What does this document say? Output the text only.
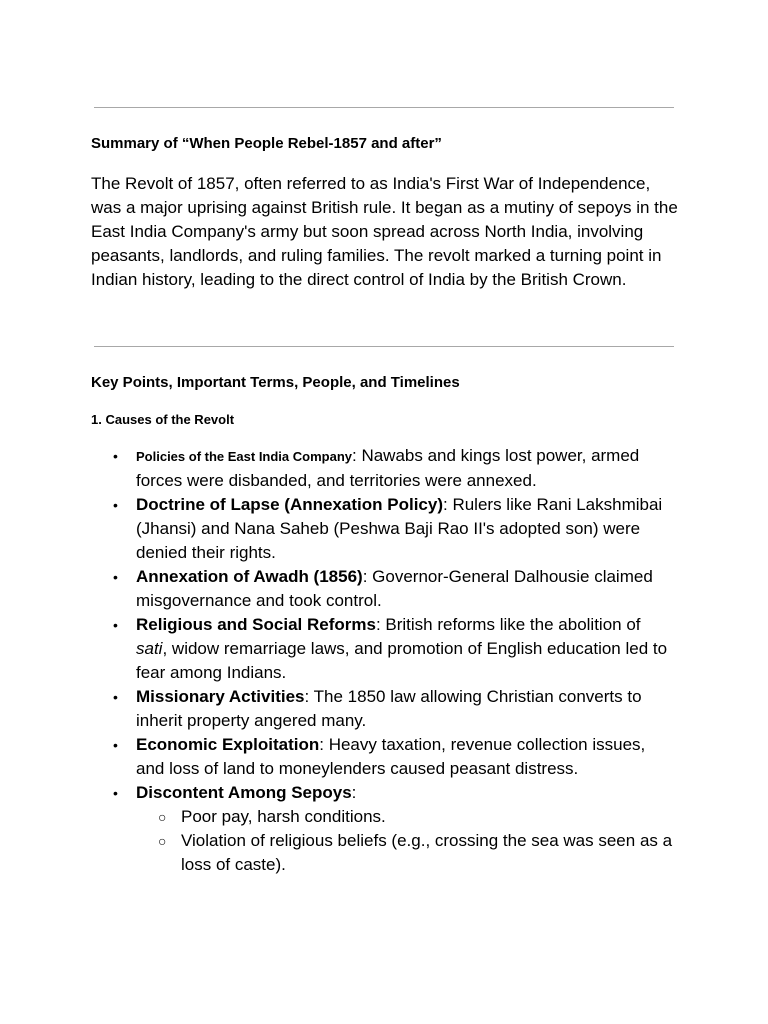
Summary of “When People Rebel-1857 and after”

The Revolt of 1857, often referred to as India's First War of Independence, was a major uprising against British rule. It began as a mutiny of sepoys in the East India Company's army but soon spread across North India, involving peasants, landlords, and ruling families. The revolt marked a turning point in Indian history, leading to the direct control of India by the British Crown.

Key Points, Important Terms, People, and Timelines
1. Causes of the Revolt
• Policies of the East India Company: Nawabs and kings lost power, armed forces were disbanded, and territories were annexed.
• Doctrine of Lapse (Annexation Policy): Rulers like Rani Lakshmibai (Jhansi) and Nana Saheb (Peshwa Baji Rao II's adopted son) were denied their rights.
• Annexation of Awadh (1856): Governor-General Dalhousie claimed misgovernance and took control.
• Religious and Social Reforms: British reforms like the abolition of sati, widow remarriage laws, and promotion of English education led to fear among Indians.
• Missionary Activities: The 1850 law allowing Christian converts to inherit property angered many.
• Economic Exploitation: Heavy taxation, revenue collection issues, and loss of land to moneylenders caused peasant distress.
• Discontent Among Sepoys:
○ Poor pay, harsh conditions.
○ Violation of religious beliefs (e.g., crossing the sea was seen as a loss of caste).
